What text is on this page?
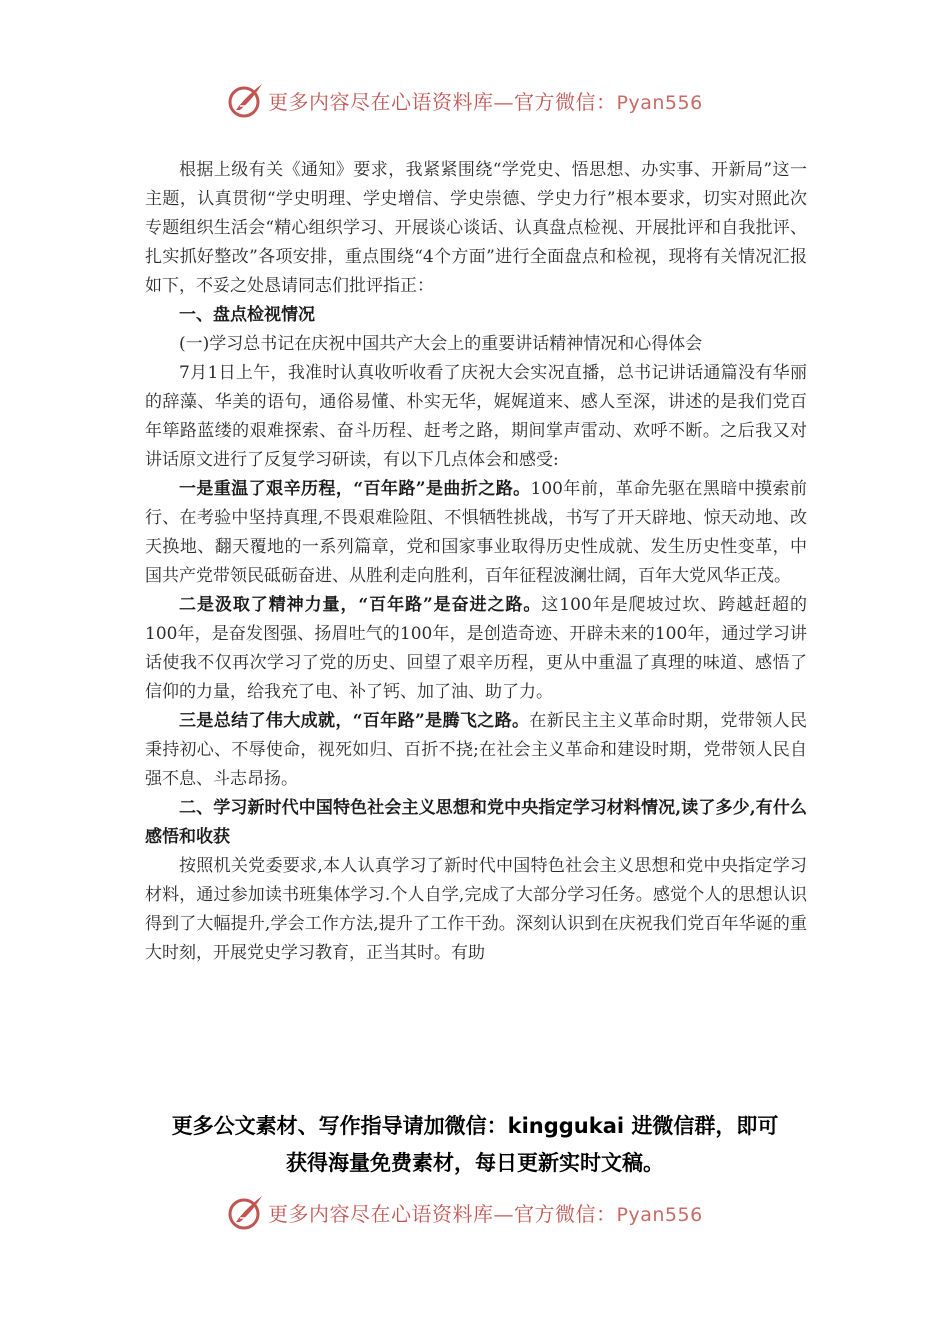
更多内容尽在心语资料库—官方微信：Pyan556

根据上级有关《通知》要求，我紧紧围绕“学党史、悟思想、办实事、开新局”这一主题，认真贯彻“学史明理、学史增信、学史崇德、学史力行”根本要求，切实对照此次专题组织生活会“精心组织学习、开展谈心谈话、认真盘点检视、开展批评和自我批评、扎实抓好整改”各项安排，重点围绕“4个方面”进行全面盘点和检视，现将有关情况汇报如下，不妥之处恳请同志们批评指正：

一、盘点检视情况

(一)学习总书记在庆祝中国共产大会上的重要讲话精神情况和心得体会

7月1日上午，我准时认真收听收看了庆祝大会实况直播，总书记讲话通篇没有华丽的辞藻、华美的语句，通俗易懂、朴实无华，娓娓道来、感人至深，讲述的是我们党百年筚路蓝缕的艰难探索、奋斗历程、赶考之路，期间掌声雷动、欢呼不断。之后我又对讲话原文进行了反复学习研读，有以下几点体会和感受:

一是重温了艰辛历程，“百年路”是曲折之路。100年前，革命先驱在黑暗中摸索前行、在考验中坚持真理,不畏艰难险阻、不惧牺牲挑战，书写了开天辟地、惊天动地、改天换地、翻天覆地的一系列篇章，党和国家事业取得历史性成就、发生历史性变革，中国共产党带领民砥砺奋进、从胜利走向胜利，百年征程波澜壮阔，百年大党风华正茂。

二是汲取了精神力量，“百年路”是奋进之路。这100年是爬坡过坎、跨越赶超的100年，是奋发图强、扬眉吐气的100年，是创造奇迹、开辟未来的100年，通过学习讲话使我不仅再次学习了党的历史、回望了艰辛历程，更从中重温了真理的味道、感悟了信仰的力量，给我充了电、补了钙、加了油、助了力。

三是总结了伟大成就，“百年路”是腾飞之路。在新民主主义革命时期，党带领人民秉持初心、不辱使命，视死如归、百折不挠;在社会主义革命和建设时期，党带领人民自强不息、斗志昂扬。

二、学习新时代中国特色社会主义思想和党中央指定学习材料情况,读了多少,有什么感悟和收获

按照机关党委要求,本人认真学习了新时代中国特色社会主义思想和党中央指定学习材料，通过参加读书班集体学习.个人自学,完成了大部分学习任务。感觉个人的思想认识得到了大幅提升,学会工作方法,提升了工作干劲。深刻认识到在庆祝我们党百年华诞的重大时刻，开展党史学习教育，正当其时。有助

更多公文素材、写作指导请加微信：kinggukai 进微信群，即可
获得海量免费素材，每日更新实时文稿。
更多内容尽在心语资料库—官方微信：Pyan556
